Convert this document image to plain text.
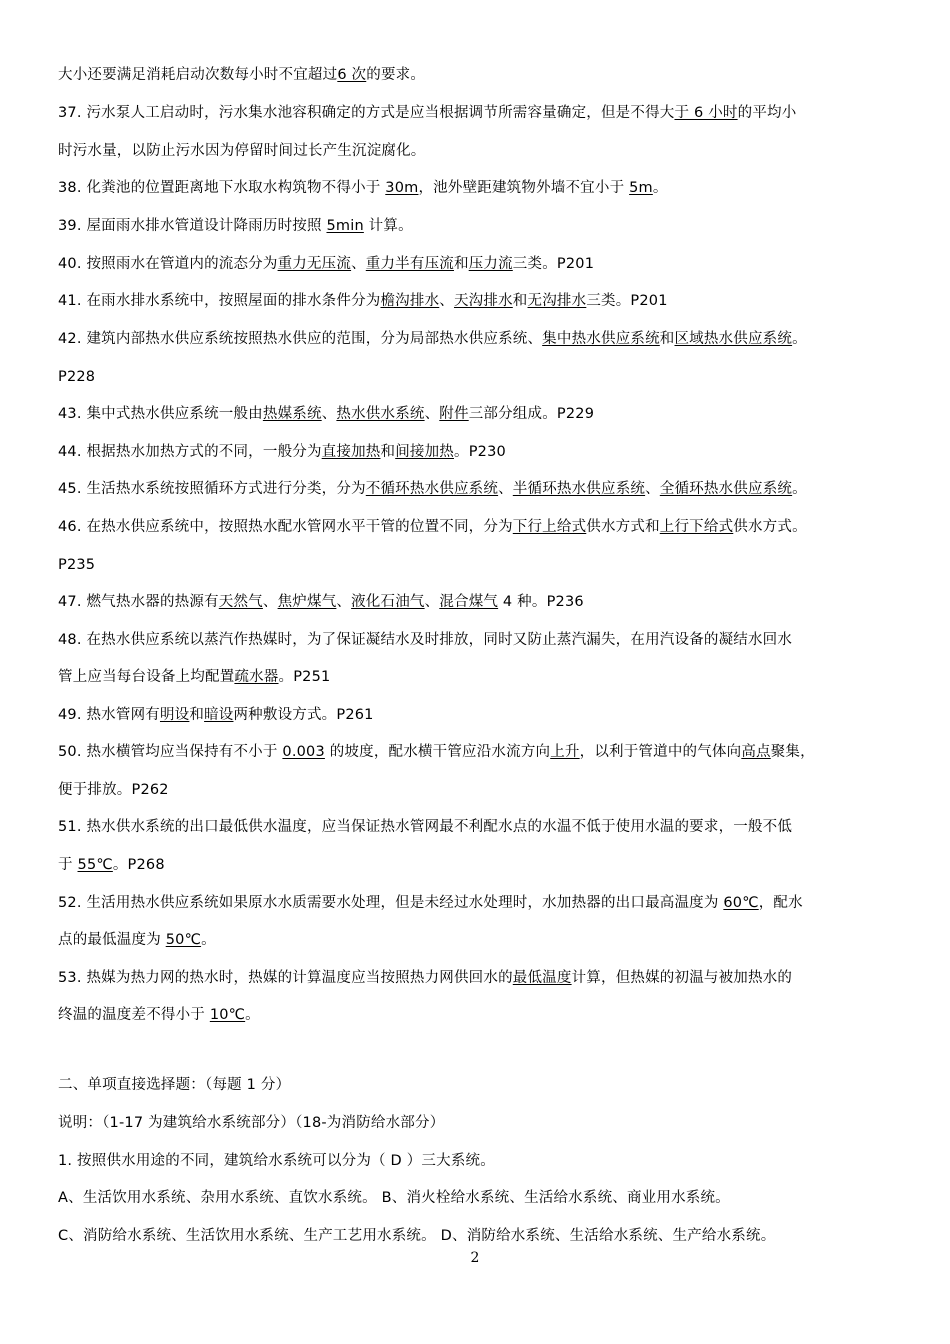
大小还要满足消耗启动次数每小时不宜超过6 次的要求。
37. 污水泵人工启动时，污水集水池容积确定的方式是应当根据调节所需容量确定，但是不得大于 6 小时的平均小
时污水量，以防止污水因为停留时间过长产生沉淀腐化。
38. 化粪池的位置距离地下水取水构筑物不得小于 30m，池外壁距建筑物外墙不宜小于 5m。
39. 屋面雨水排水管道设计降雨历时按照 5min 计算。
40. 按照雨水在管道内的流态分为重力无压流、重力半有压流和压力流三类。P201
41. 在雨水排水系统中，按照屋面的排水条件分为檐沟排水、天沟排水和无沟排水三类。P201
42. 建筑内部热水供应系统按照热水供应的范围，分为局部热水供应系统、集中热水供应系统和区域热水供应系统。
P228
43. 集中式热水供应系统一般由热媒系统、热水供水系统、附件三部分组成。P229
44. 根据热水加热方式的不同，一般分为直接加热和间接加热。P230
45. 生活热水系统按照循环方式进行分类，分为不循环热水供应系统、半循环热水供应系统、全循环热水供应系统。
46. 在热水供应系统中，按照热水配水管网水平干管的位置不同，分为下行上给式供水方式和上行下给式供水方式。
P235
47. 燃气热水器的热源有天然气、焦炉煤气、液化石油气、混合煤气 4 种。P236
48. 在热水供应系统以蒸汽作热媒时，为了保证凝结水及时排放，同时又防止蒸汽漏失，在用汽设备的凝结水回水
管上应当每台设备上均配置疏水器。P251
49. 热水管网有明设和暗设两种敷设方式。P261
50. 热水横管均应当保持有不小于 0.003 的坡度，配水横干管应沿水流方向上升，以利于管道中的气体向高点聚集，
便于排放。P262
51. 热水供水系统的出口最低供水温度，应当保证热水管网最不利配水点的水温不低于使用水温的要求，一般不低
于 55℃。P268
52. 生活用热水供应系统如果原水水质需要水处理，但是未经过水处理时，水加热器的出口最高温度为 60℃，配水
点的最低温度为 50℃。
53. 热媒为热力网的热水时，热媒的计算温度应当按照热力网供回水的最低温度计算，但热媒的初温与被加热水的
终温的温度差不得小于 10℃。
二、单项直接选择题：（每题 1 分）
说明：（1-17 为建筑给水系统部分）（18-为消防给水部分）
1. 按照供水用途的不同，建筑给水系统可以分为（ D ）三大系统。
A、生活饮用水系统、杂用水系统、直饮水系统。 B、消火栓给水系统、生活给水系统、商业用水系统。
C、消防给水系统、生活饮用水系统、生产工艺用水系统。 D、消防给水系统、生活给水系统、生产给水系统。
2
